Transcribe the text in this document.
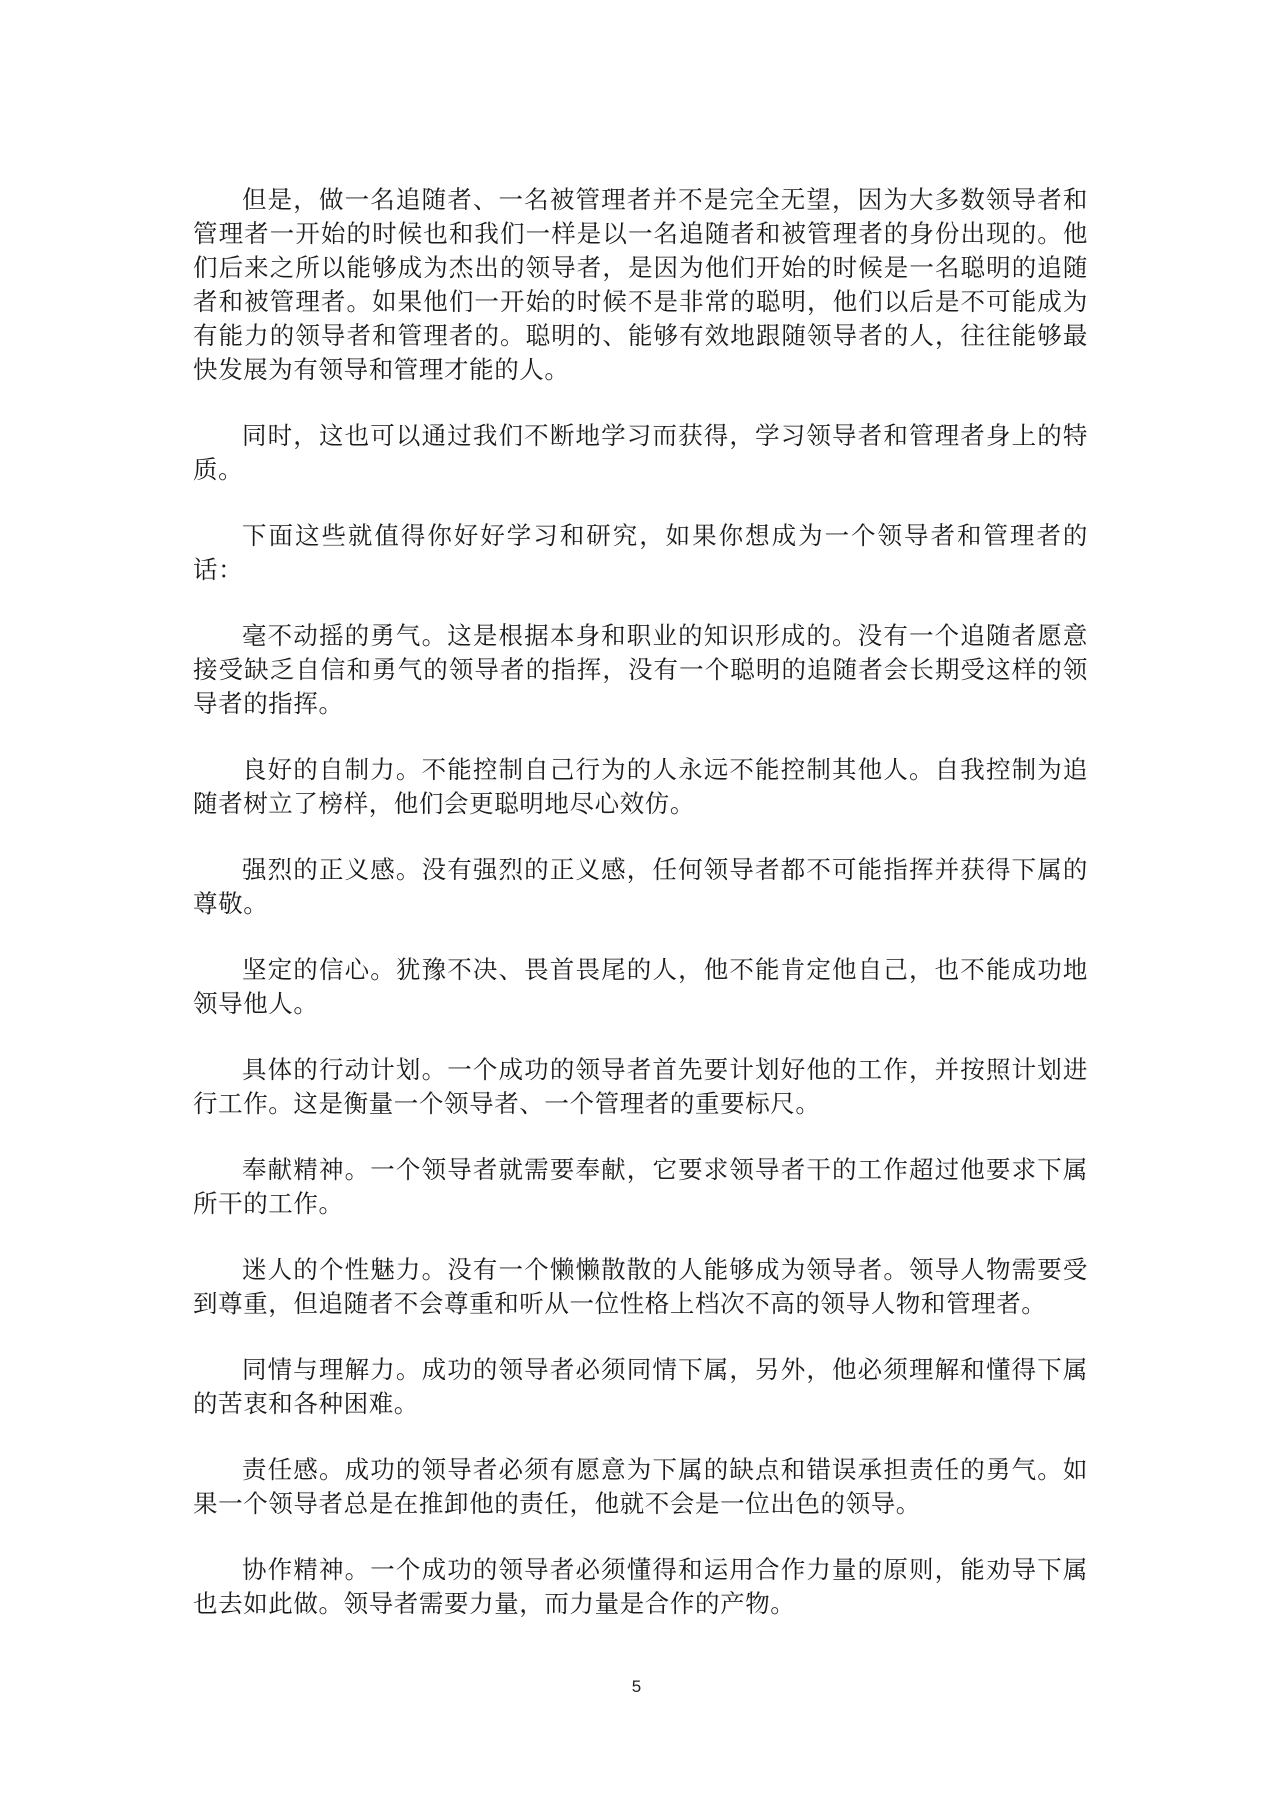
但是，做一名追随者、一名被管理者并不是完全无望，因为大多数领导者和管理者一开始的时候也和我们一样是以一名追随者和被管理者的身份出现的。他们后来之所以能够成为杰出的领导者，是因为他们开始的时候是一名聪明的追随者和被管理者。如果他们一开始的时候不是非常的聪明，他们以后是不可能成为有能力的领导者和管理者的。聪明的、能够有效地跟随领导者的人，往往能够最快发展为有领导和管理才能的人。

同时，这也可以通过我们不断地学习而获得，学习领导者和管理者身上的特质。

下面这些就值得你好好学习和研究，如果你想成为一个领导者和管理者的话：

毫不动摇的勇气。这是根据本身和职业的知识形成的。没有一个追随者愿意接受缺乏自信和勇气的领导者的指挥，没有一个聪明的追随者会长期受这样的领导者的指挥。

良好的自制力。不能控制自己行为的人永远不能控制其他人。自我控制为追随者树立了榜样，他们会更聪明地尽心效仿。

强烈的正义感。没有强烈的正义感，任何领导者都不可能指挥并获得下属的尊敬。

坚定的信心。犹豫不决、畏首畏尾的人，他不能肯定他自己，也不能成功地领导他人。

具体的行动计划。一个成功的领导者首先要计划好他的工作，并按照计划进行工作。这是衡量一个领导者、一个管理者的重要标尺。

奉献精神。一个领导者就需要奉献，它要求领导者干的工作超过他要求下属所干的工作。

迷人的个性魅力。没有一个懒懒散散的人能够成为领导者。领导人物需要受到尊重，但追随者不会尊重和听从一位性格上档次不高的领导人物和管理者。

同情与理解力。成功的领导者必须同情下属，另外，他必须理解和懂得下属的苦衷和各种困难。

责任感。成功的领导者必须有愿意为下属的缺点和错误承担责任的勇气。如果一个领导者总是在推卸他的责任，他就不会是一位出色的领导。

协作精神。一个成功的领导者必须懂得和运用合作力量的原则，能劝导下属也去如此做。领导者需要力量，而力量是合作的产物。

5
